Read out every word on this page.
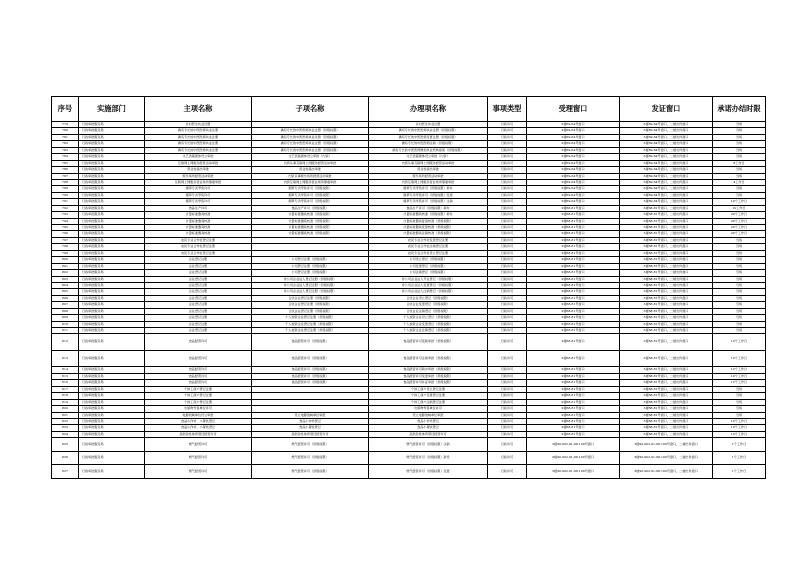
序号	实施部门	主项名称	子项名称	办理项名称	事项类型	受理窗口	发证窗口	承诺办结时限
779	行政审批服务局	乡村医生执业注册		乡村医生执业注册	行政许可	2楼69-64号窗口	3楼69-64号窗口，二楼出件窗口	当场
780	行政审批服务局	确有专长的中医医师执业注册	确有专长的中医医师执业注册（县级权限）	确有专长的中医医师执业注册（县级权限）	行政许可	2楼69-64号窗口	3楼69-64号窗口，二楼出件窗口	当场
781	行政审批服务局	确有专长的中医医师执业注册	确有专长的中医医师执业注册（县级权限）	确有专长的中医医师变更注册（县级权限）	行政许可	2楼69-64号窗口	3楼69-64号窗口，二楼出件窗口	当场
782	行政审批服务局	确有专长的中医医师执业注册	确有专长的中医医师执业注册（县级权限）	确有专长的中医医师注销（县级权限）	行政许可	2楼69-64号窗口	3楼69-64号窗口，二楼出件窗口	当场
783	行政审批服务局	确有专长的中医医师执业注册	确有专长的中医医师执业注册（县级权限）	确有专长的中医医师增加执业机构备案（县级权限）	行政许可	2楼69-64号窗口	3楼69-64号窗口，二楼出件窗口	当场
784	行政审批服务局	文艺表演团体设立审批	文艺表演团体设立审批（内资）	文艺表演团体设立审批（内资）	行政许可	2楼69-64号窗口	3楼69-64号窗口，二楼出件窗口	当场
785	行政审批服务局	互联网上网服务经营活动审批	内资从事互联网上网服务经营活动审批	内资从事互联网上网服务经营活动审批	行政许可	2楼69-64号窗口	3楼69-64号窗口，二楼出件窗口	8工作日
786	行政审批服务局	营业性演出审批	营业性演出审批	营业性演出审批	行政许可	2楼69-64号窗口	3楼69-64号窗口，二楼出件窗口	当场
787	行政审批服务局	娱乐场所经营活动审批	内资从事娱乐场所经营活动审批	娱乐场所经营活动审批	行政许可	2楼69-64号窗口	3楼69-64号窗口，二楼出件窗口	当场
788	行政审批服务局	互联网上网服务营业场所筹建审批	内资互联网上网服务营业场所筹建审批	内资互联网上网服务营业场所筹建审批	行政许可	2楼69-64号窗口	3楼69-64号窗口，二楼出件窗口	4工作日
789	行政审批服务局	烟草专卖零售许可	烟草专卖零售许可（县级权限）	烟草专卖零售许可（县级权限）新办	行政许可	2楼69-64号窗口	3楼69-64号窗口，二楼出件窗口	当场
790	行政审批服务局	烟草专卖零售许可	烟草专卖零售许可（县级权限）	烟草专卖零售许可（县级权限）变更	行政许可	2楼69-64号窗口	3楼69-64号窗口，二楼出件窗口	当场
791	行政审批服务局	烟草专卖零售许可	烟草专卖零售许可（县级权限）	烟草专卖零售许可（县级权限）注销	行政许可	2楼69-64号窗口	3楼69-64号窗口，二楼出件窗口	10个工作日
792	行政审批服务局	食品生产许可	食品生产许可（县级权限）	食品生产许可（县级权限）新办	行政许可	2楼68-81号窗口	3楼68-81号窗口，二楼出件窗口	10工作日
793	行政审批服务局	计量标准器具核准	计量标准器具核准（县级权限）	计量标准器具核准（县级权限）新办	行政许可	2楼68-81号窗口	3楼68-81号窗口，二楼出件窗口	20个工作日
794	行政审批服务局	计量标准器具核准	计量标准器具核准（县级权限）	计量标准器具复查核准（县级权限）	行政许可	2楼68-81号窗口	3楼68-81号窗口，二楼出件窗口	20个工作日
795	行政审批服务局	计量标准器具核准	计量标准器具核准（县级权限）	计量标准器具变更核准（县级权限）	行政许可	2楼68-81号窗口	3楼68-81号窗口，二楼出件窗口	20个工作日
796	行政审批服务局	计量标准器具核准	计量标准器具核准（县级权限）	计量标准器具注销核准（县级权限）	行政许可	2楼68-81号窗口	3楼68-81号窗口，二楼出件窗口	20个工作日
797	行政审批服务局	农民专业合作社登记注册		农民专业合作社变更登记注册	行政许可	2楼68-81号窗口	3楼68-81号窗口，二楼出件窗口	当场
798	行政审批服务局	农民专业合作社登记注册		农民专业合作社注销登记注册	行政许可	2楼68-81号窗口	3楼68-81号窗口，二楼出件窗口	当场
799	行政审批服务局	农民专业合作社登记注册		农民专业合作社设立登记注册	行政许可	2楼68-81号窗口	3楼68-81号窗口，二楼出件窗口	当场
800	行政审批服务局	企业登记注册	公司登记注册（县级权限）	公司设立登记（县级权限）	行政许可	2楼68-81号窗口	3楼68-81号窗口，二楼出件窗口	当场
801	行政审批服务局	企业登记注册	公司登记注册（县级权限）	公司变更登记（县级权限）	行政许可	2楼68-81号窗口	3楼68-81号窗口，二楼出件窗口	当场
802	行政审批服务局	企业登记注册	公司登记注册（县级权限）	公司注销登记（县级权限）	行政许可	2楼68-81号窗口	3楼68-81号窗口，二楼出件窗口	当场
803	行政审批服务局	企业登记注册	非公司企业法人登记注册（县级权限）	非公司企业法人开业登记（县级权限）	行政许可	2楼68-81号窗口	3楼68-81号窗口，二楼出件窗口	当场
804	行政审批服务局	企业登记注册	非公司企业法人登记注册（县级权限）	非公司企业法人变更登记（县级权限）	行政许可	2楼68-81号窗口	3楼68-81号窗口，二楼出件窗口	当场
805	行政审批服务局	企业登记注册	非公司企业法人登记注册（县级权限）	非公司企业法人注销登记（县级权限）	行政许可	2楼68-81号窗口	3楼68-81号窗口，二楼出件窗口	当场
806	行政审批服务局	企业登记注册	合伙企业登记注册（县级权限）	合伙企业设立登记（县级权限）	行政许可	2楼68-81号窗口	3楼68-81号窗口，二楼出件窗口	当场
807	行政审批服务局	企业登记注册	合伙企业登记注册（县级权限）	合伙企业变更登记（县级权限）	行政许可	2楼68-81号窗口	3楼68-81号窗口，二楼出件窗口	当场
808	行政审批服务局	企业登记注册	合伙企业登记注册（县级权限）	合伙企业注销登记（县级权限）	行政许可	2楼68-81号窗口	3楼68-81号窗口，二楼出件窗口	当场
809	行政审批服务局	企业登记注册	个人独资企业登记注册（县级权限）	个人独资企业设立登记（县级权限）	行政许可	2楼68-81号窗口	3楼68-81号窗口，二楼出件窗口	当场
810	行政审批服务局	企业登记注册	个人独资企业登记注册（县级权限）	个人独资企业变更登记（县级权限）	行政许可	2楼68-81号窗口	3楼68-81号窗口，二楼出件窗口	当场
811	行政审批服务局	企业登记注册	个人独资企业登记注册（县级权限）	个人独资企业注销登记（县级权限）	行政许可	2楼68-81号窗口	3楼68-81号窗口，二楼出件窗口	当场
812	行政审批服务局	食品经营许可	食品经营许可（县级权限）	食品经营许可延续审批（县级权限）	行政许可	2楼68-81号窗口	3楼68-81号窗口，二楼出件窗口	10个工作日
813	行政审批服务局	食品经营许可	食品经营许可（县级权限）	食品经营许可注销审批（县级权限）	行政许可	2楼68-81号窗口	3楼68-81号窗口，二楼出件窗口	10个工作日
814	行政审批服务局	食品经营许可	食品经营许可（县级权限）	食品经营许可新办审批（县级权限）	行政许可	2楼68-81号窗口	3楼68-81号窗口，二楼出件窗口	12个工作日
815	行政审批服务局	食品经营许可	食品经营许可（县级权限）	食品经营许可变更审批（县级权限）	行政许可	2楼68-81号窗口	3楼68-81号窗口，二楼出件窗口	10个工作日
816	行政审批服务局	食品经营许可	食品经营许可（县级权限）	食品经营许可补证审批（县级权限）	行政许可	2楼68-81号窗口	3楼68-81号窗口，二楼出件窗口	12个工作日
817	行政审批服务局	个体工商户登记注册		个体工商户设立登记注册	行政许可	2楼68-81号窗口	3楼68-81号窗口，二楼出件窗口	当场
818	行政审批服务局	个体工商户登记注册		个体工商户变更登记注册	行政许可	2楼68-81号窗口	3楼68-81号窗口，二楼出件窗口	当场
819	行政审批服务局	个体工商户登记注册		个体工商户注销登记注册	行政许可	2楼68-81号窗口	3楼68-81号窗口，二楼出件窗口	当场
820	行政审批服务局	出版物零售单位许可		出版物零售单位许可	行政许可	2楼68-81号窗口	3楼68-81号窗口，二楼出件窗口	当场
821	行政审批服务局	电影放映单位设立审批	设立电影放映单位审批	设立电影放映单位审批	行政许可	2楼68-81号窗口	3楼68-81号窗口，二楼出件窗口	当场
822	行政审批服务局	食品小作坊、小餐饮登记	食品小作坊登记	食品小作坊登记	行政许可	2楼68-81号窗口	3楼68-81号窗口，二楼出件窗口	10个工作日
823	行政审批服务局	食品小作坊、小餐饮登记	食品小餐饮登记	食品小餐饮登记	行政许可	2楼68-81号窗口	3楼68-81号窗口，二楼出件窗口	10个工作日
824	行政审批服务局	高危险性体育项目经营许可	高危险性体育项目经营许可	高危险性体育项目经营许可	行政许可	2楼68-81号窗口	3楼68-81号窗口，二楼出件窗口	10个工作日
825	行政审批服务局	燃气经营许可	燃气经营许可（县级权限）	燃气经营许可（县级权限）注销	行政许可	3楼90,902,91-98,100号窗口	3楼90,902,91-98,100号窗口，二楼出件窗口	1个工作日
826	行政审批服务局	燃气经营许可	燃气经营许可（县级权限）	燃气经营许可（县级权限）新设	行政许可	3楼90,902,91-98,100号窗口	3楼90,902,91-98,100号窗口，二楼出件窗口	1个工作日
827	行政审批服务局	燃气经营许可	燃气经营许可（县级权限）	燃气经营许可（县级权限）变更	行政许可	3楼90,902,91-98,100号窗口	3楼90,902,91-98,100号窗口，二楼出件窗口	1个工作日
